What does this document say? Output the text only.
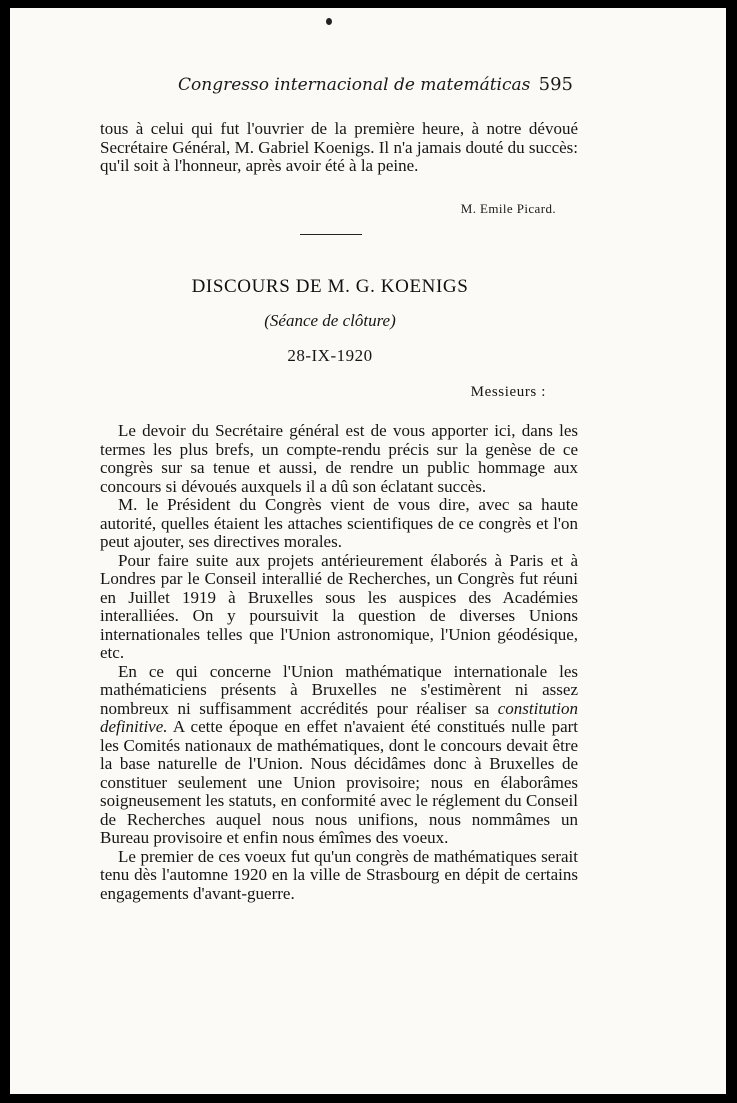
Congresso internacional de matemáticas 595

tous à celui qui fut l'ouvrier de la première heure, à notre dévoué Secrétaire Général, M. Gabriel Koenigs. Il n'a jamais douté du succès: qu'il soit à l'honneur, après avoir été à la peine.

M. Emile Picard.
DISCOURS DE M. G. KOENIGS
(Séance de clôture)
28-IX-1920
Messieurs :

Le devoir du Secrétaire général est de vous apporter ici, dans les termes les plus brefs, un compte-rendu précis sur la genèse de ce congrès sur sa tenue et aussi, de rendre un public hommage aux concours si dévoués auxquels il a dû son éclatant succès.

M. le Président du Congrès vient de vous dire, avec sa haute autorité, quelles étaient les attaches scientifiques de ce congrès et l'on peut ajouter, ses directives morales.

Pour faire suite aux projets antérieurement élaborés à Paris et à Londres par le Conseil interallié de Recherches, un Congrès fut réuni en Juillet 1919 à Bruxelles sous les auspices des Académies interalliées. On y poursuivit la question de diverses Unions internationales telles que l'Union astronomique, l'Union géodésique, etc.

En ce qui concerne l'Union mathématique internationale les mathématiciens présents à Bruxelles ne s'estimèrent ni assez nombreux ni suffisamment accrédités pour réaliser sa constitution definitive. A cette époque en effet n'avaient été constitués nulle part les Comités nationaux de mathématiques, dont le concours devait être la base naturelle de l'Union. Nous décidâmes donc à Bruxelles de constituer seulement une Union provisoire; nous en élaborâmes soigneusement les statuts, en conformité avec le réglement du Conseil de Recherches auquel nous nous unifions, nous nommâmes un Bureau provisoire et enfin nous émîmes des voeux.

Le premier de ces voeux fut qu'un congrès de mathématiques serait tenu dès l'automne 1920 en la ville de Strasbourg en dépit de certains engagements d'avant-guerre.
